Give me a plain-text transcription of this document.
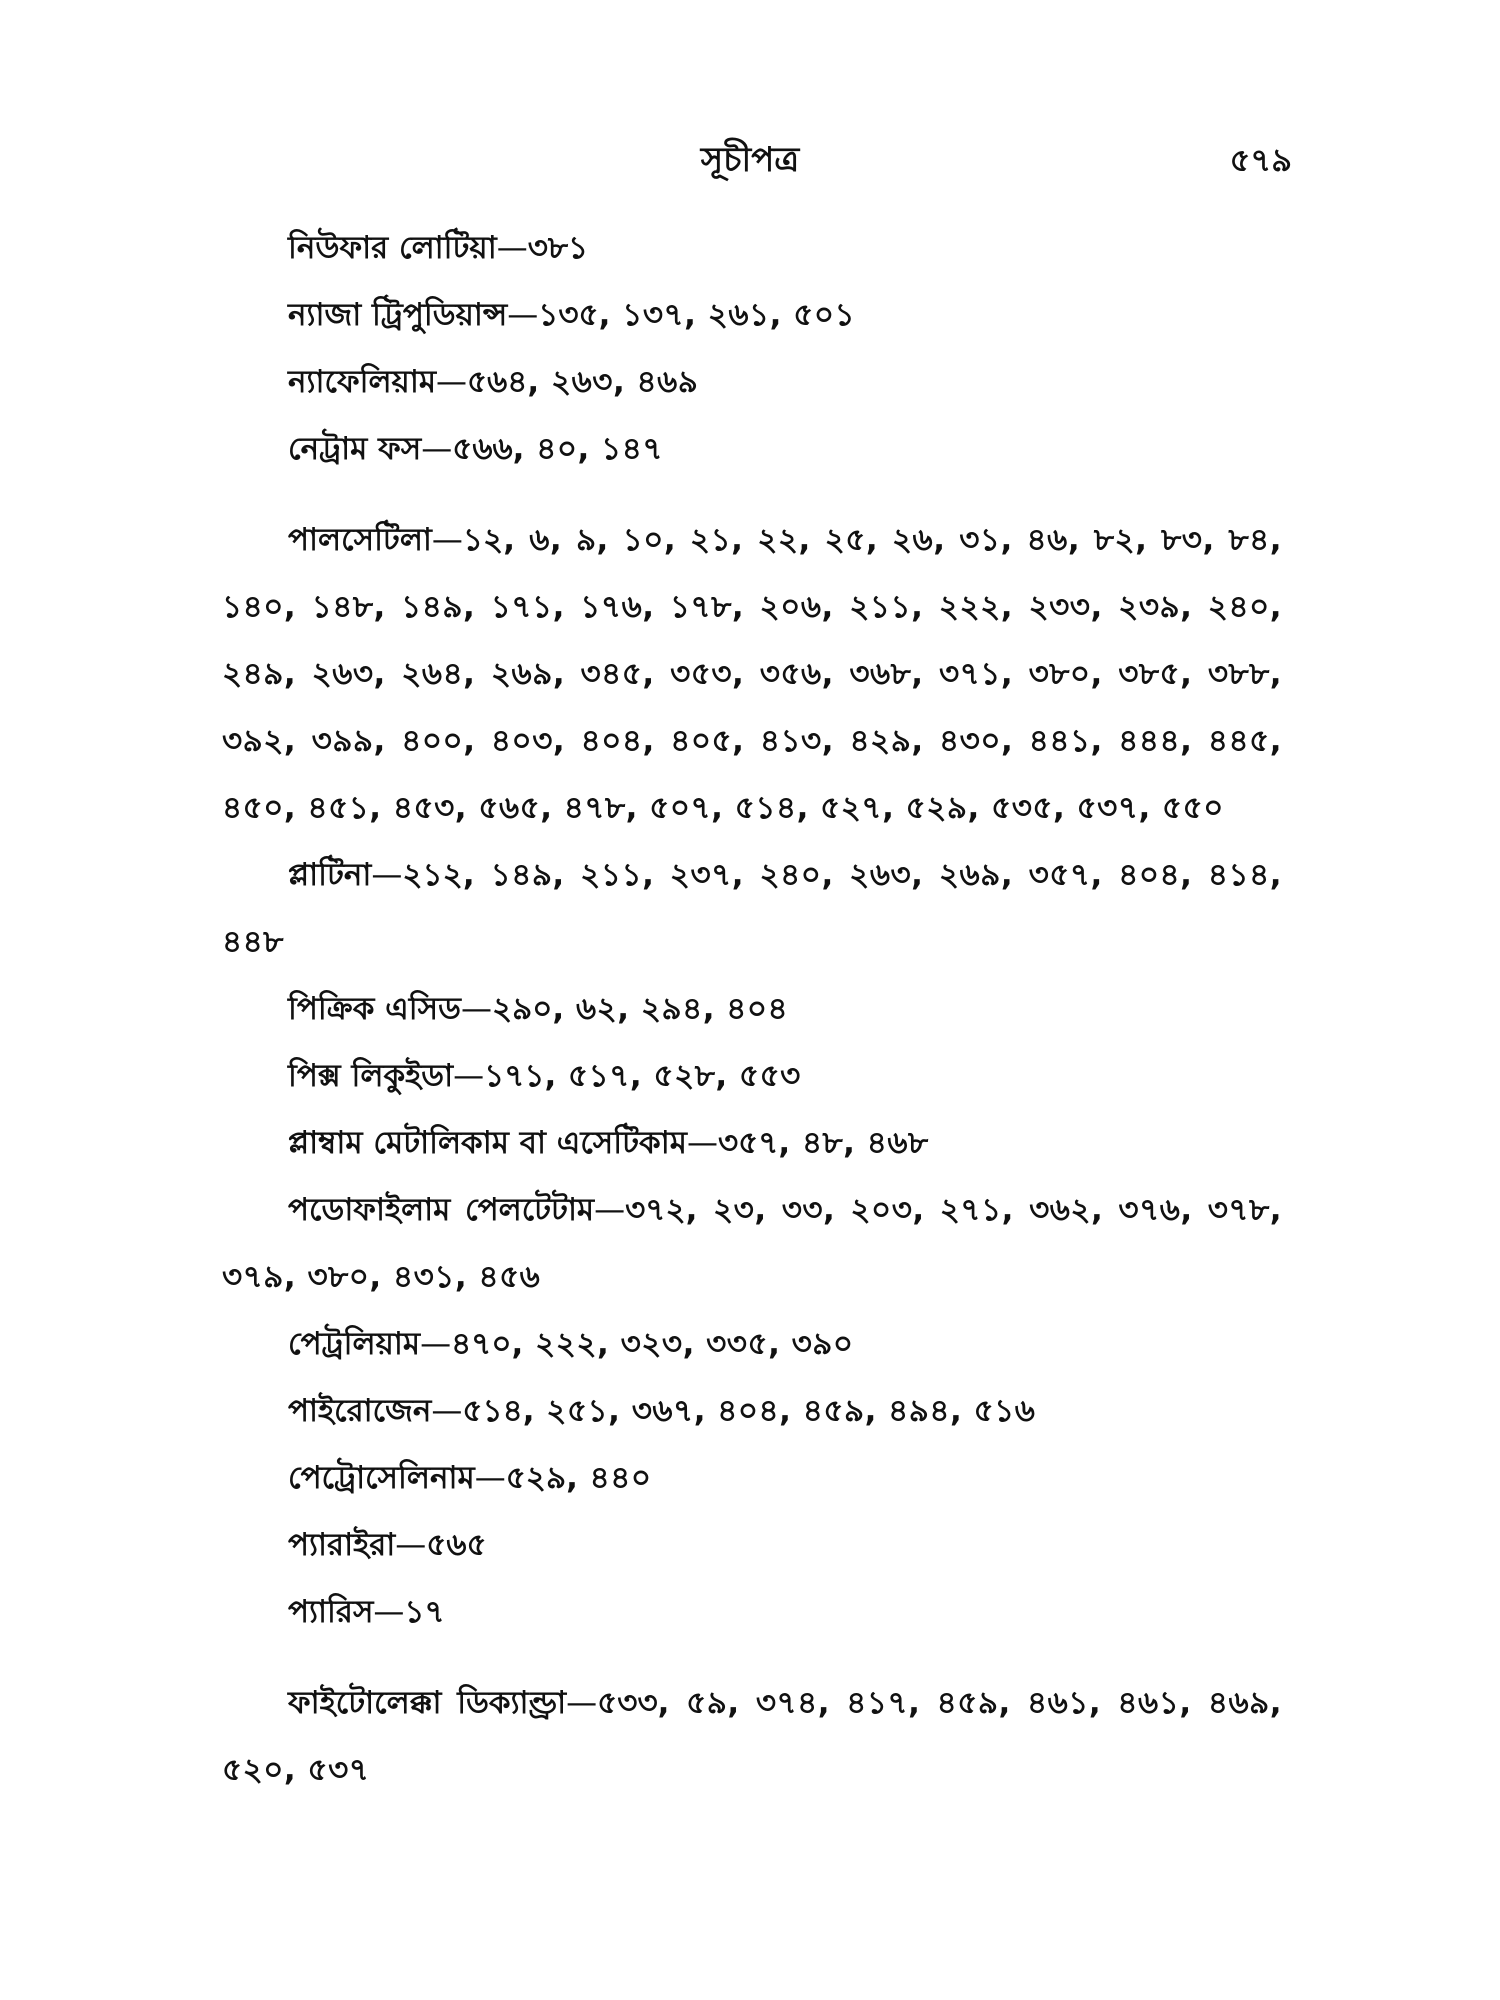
সূচীপত্র	৫৭৯

নিউফার লোটিয়া—৩৮১

ন্যাজা ট্রিপুডিয়ান্স—১৩৫, ১৩৭, ২৬১, ৫০১

ন্যাফেলিয়াম—৫৬৪, ২৬৩, ৪৬৯

নেট্রাম ফস—৫৬৬, ৪০, ১৪৭

পালসেটিলা—১২, ৬, ৯, ১০, ২১, ২২, ২৫, ২৬, ৩১, ৪৬, ৮২, ৮৩, ৮৪, ১৪০, ১৪৮, ১৪৯, ১৭১, ১৭৬, ১৭৮, ২০৬, ২১১, ২২২, ২৩৩, ২৩৯, ২৪০, ২৪৯, ২৬৩, ২৬৪, ২৬৯, ৩৪৫, ৩৫৩, ৩৫৬, ৩৬৮, ৩৭১, ৩৮০, ৩৮৫, ৩৮৮, ৩৯২, ৩৯৯, ৪০০, ৪০৩, ৪০৪, ৪০৫, ৪১৩, ৪২৯, ৪৩০, ৪৪১, ৪৪৪, ৪৪৫, ৪৫০, ৪৫১, ৪৫৩, ৫৬৫, ৪৭৮, ৫০৭, ৫১৪, ৫২৭, ৫২৯, ৫৩৫, ৫৩৭, ৫৫০

প্লাটিনা—২১২, ১৪৯, ২১১, ২৩৭, ২৪০, ২৬৩, ২৬৯, ৩৫৭, ৪০৪, ৪১৪, ৪৪৮

পিক্রিক এসিড—২৯০, ৬২, ২৯৪, ৪০৪

পিক্স লিকুইডা—১৭১, ৫১৭, ৫২৮, ৫৫৩

প্লাম্বাম মেটালিকাম বা এসেটিকাম—৩৫৭, ৪৮, ৪৬৮

পডোফাইলাম পেলটেটাম—৩৭২, ২৩, ৩৩, ২০৩, ২৭১, ৩৬২, ৩৭৬, ৩৭৮, ৩৭৯, ৩৮০, ৪৩১, ৪৫৬

পেট্রলিয়াম—৪৭০, ২২২, ৩২৩, ৩৩৫, ৩৯০

পাইরোজেন—৫১৪, ২৫১, ৩৬৭, ৪০৪, ৪৫৯, ৪৯৪, ৫১৬

পেট্রোসেলিনাম—৫২৯, ৪৪০

প্যারাইরা—৫৬৫

প্যারিস—১৭

ফাইটোলেক্কা ডিক্যাণ্ড্রা—৫৩৩, ৫৯, ৩৭৪, ৪১৭, ৪৫৯, ৪৬১, ৪৬১, ৪৬৯, ৫২০, ৫৩৭
